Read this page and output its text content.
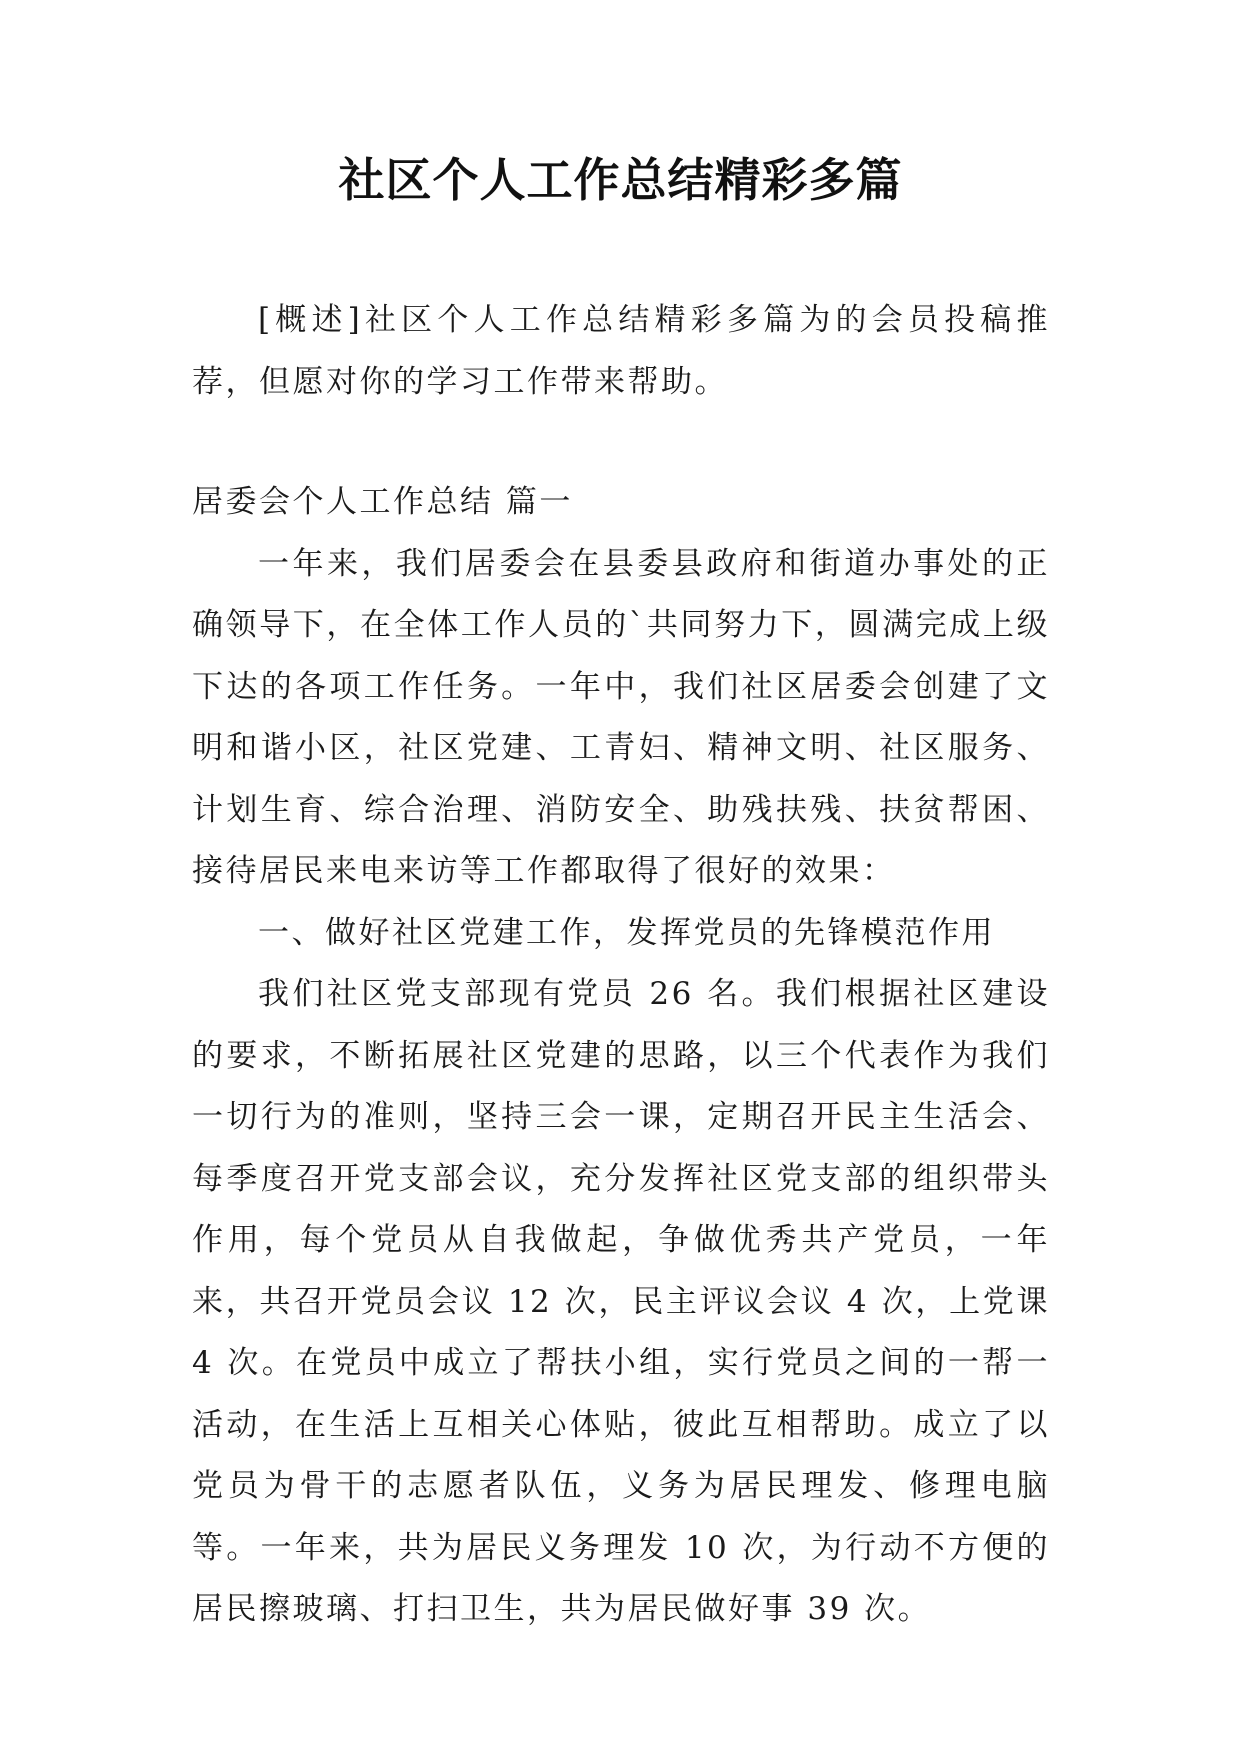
社区个人工作总结精彩多篇

[概述]社区个人工作总结精彩多篇为的会员投稿推荐，但愿对你的学习工作带来帮助。

居委会个人工作总结 篇一

一年来，我们居委会在县委县政府和街道办事处的正确领导下，在全体工作人员的`共同努力下，圆满完成上级下达的各项工作任务。一年中，我们社区居委会创建了文明和谐小区，社区党建、工青妇、精神文明、社区服务、计划生育、综合治理、消防安全、助残扶残、扶贫帮困、接待居民来电来访等工作都取得了很好的效果：

一、做好社区党建工作，发挥党员的先锋模范作用

我们社区党支部现有党员 26 名。我们根据社区建设的要求，不断拓展社区党建的思路，以三个代表作为我们一切行为的准则，坚持三会一课，定期召开民主生活会、每季度召开党支部会议，充分发挥社区党支部的组织带头作用，每个党员从自我做起，争做优秀共产党员，一年来，共召开党员会议 12 次，民主评议会议 4 次，上党课 4 次。在党员中成立了帮扶小组，实行党员之间的一帮一活动，在生活上互相关心体贴，彼此互相帮助。成立了以党员为骨干的志愿者队伍，义务为居民理发、修理电脑等。一年来，共为居民义务理发 10 次，为行动不方便的居民擦玻璃、打扫卫生，共为居民做好事 39 次。
